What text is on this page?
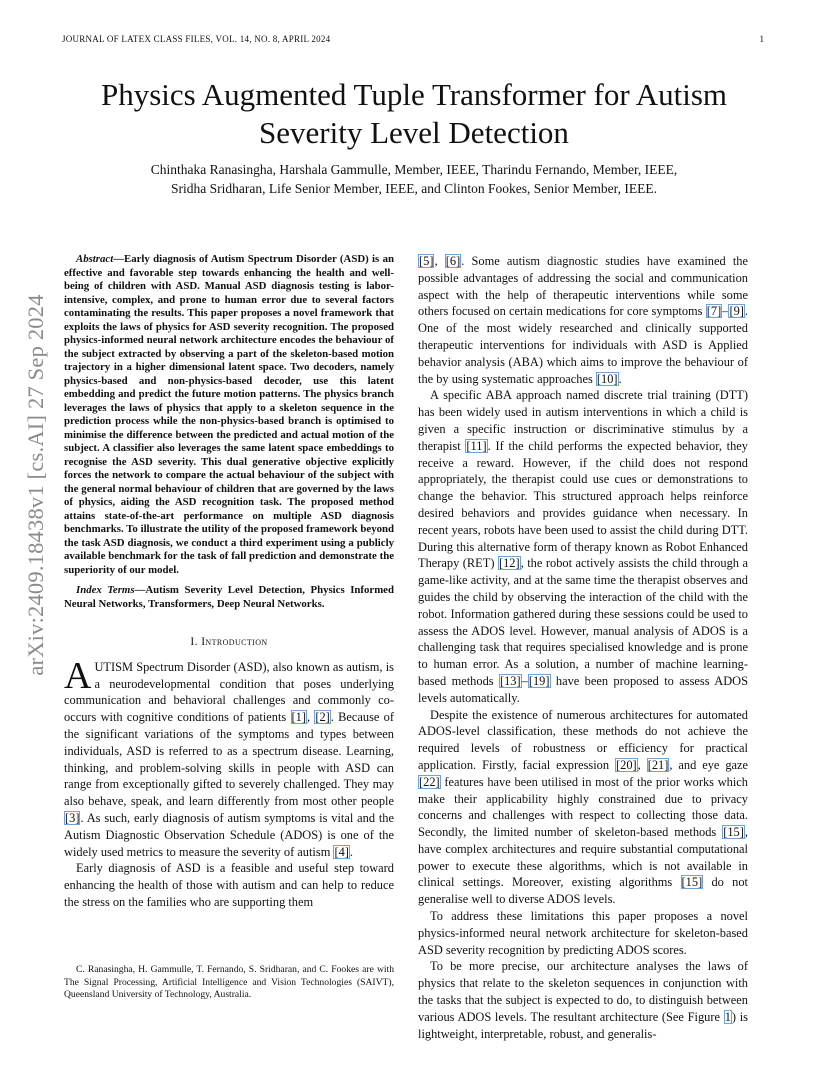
JOURNAL OF LATEX CLASS FILES, VOL. 14, NO. 8, APRIL 2024	1
arXiv:2409.18438v1 [cs.AI] 27 Sep 2024
Physics Augmented Tuple Transformer for Autism Severity Level Detection
Chinthaka Ranasingha, Harshala Gammulle, Member, IEEE, Tharindu Fernando, Member, IEEE,
Sridha Sridharan, Life Senior Member, IEEE, and Clinton Fookes, Senior Member, IEEE.

Abstract—Early diagnosis of Autism Spectrum Disorder (ASD) is an effective and favorable step towards enhancing the health and well-being of children with ASD. Manual ASD diagnosis testing is labor-intensive, complex, and prone to human error due to several factors contaminating the results. This paper proposes a novel framework that exploits the laws of physics for ASD severity recognition. The proposed physics-informed neural network architecture encodes the behaviour of the subject extracted by observing a part of the skeleton-based motion trajectory in a higher dimensional latent space. Two decoders, namely physics-based and non-physics-based decoder, use this latent embedding and predict the future motion patterns. The physics branch leverages the laws of physics that apply to a skeleton sequence in the prediction process while the non-physics-based branch is optimised to minimise the difference between the predicted and actual motion of the subject. A classifier also leverages the same latent space embeddings to recognise the ASD severity. This dual generative objective explicitly forces the network to compare the actual behaviour of the subject with the general normal behaviour of children that are governed by the laws of physics, aiding the ASD recognition task. The proposed method attains state-of-the-art performance on multiple ASD diagnosis benchmarks. To illustrate the utility of the proposed framework beyond the task ASD diagnosis, we conduct a third experiment using a publicly available benchmark for the task of fall prediction and demonstrate the superiority of our model.

Index Terms—Autism Severity Level Detection, Physics Informed Neural Networks, Transformers, Deep Neural Networks.

I. Introduction

AUTISM Spectrum Disorder (ASD), also known as autism, is a neurodevelopmental condition that poses underlying communication and behavioral challenges and commonly co-occurs with cognitive conditions of patients [1], [2]. Because of the significant variations of the symptoms and types between individuals, ASD is referred to as a spectrum disease. Learning, thinking, and problem-solving skills in people with ASD can range from exceptionally gifted to severely challenged. They may also behave, speak, and learn differently from most other people [3]. As such, early diagnosis of autism symptoms is vital and the Autism Diagnostic Observation Schedule (ADOS) is one of the widely used metrics to measure the severity of autism [4].

Early diagnosis of ASD is a feasible and useful step toward enhancing the health of those with autism and can help to reduce the stress on the families who are supporting them

C. Ranasingha, H. Gammulle, T. Fernando, S. Sridharan, and C. Fookes are with The Signal Processing, Artificial Intelligence and Vision Technologies (SAIVT), Queensland University of Technology, Australia.

[5], [6]. Some autism diagnostic studies have examined the possible advantages of addressing the social and communication aspect with the help of therapeutic interventions while some others focused on certain medications for core symptoms [7]–[9]. One of the most widely researched and clinically supported therapeutic interventions for individuals with ASD is Applied behavior analysis (ABA) which aims to improve the behaviour of the by using systematic approaches [10].

A specific ABA approach named discrete trial training (DTT) has been widely used in autism interventions in which a child is given a specific instruction or discriminative stimulus by a therapist [11]. If the child performs the expected behavior, they receive a reward. However, if the child does not respond appropriately, the therapist could use cues or demonstrations to change the behavior. This structured approach helps reinforce desired behaviors and provides guidance when necessary. In recent years, robots have been used to assist the child during DTT. During this alternative form of therapy known as Robot Enhanced Therapy (RET) [12], the robot actively assists the child through a game-like activity, and at the same time the therapist observes and guides the child by observing the interaction of the child with the robot. Information gathered during these sessions could be used to assess the ADOS level. However, manual analysis of ADOS is a challenging task that requires specialised knowledge and is prone to human error. As a solution, a number of machine learning-based methods [13]–[19] have been proposed to assess ADOS levels automatically.

Despite the existence of numerous architectures for automated ADOS-level classification, these methods do not achieve the required levels of robustness or efficiency for practical application. Firstly, facial expression [20], [21], and eye gaze [22] features have been utilised in most of the prior works which make their applicability highly constrained due to privacy concerns and challenges with respect to collecting those data. Secondly, the limited number of skeleton-based methods [15], have complex architectures and require substantial computational power to execute these algorithms, which is not available in clinical settings. Moreover, existing algorithms [15] do not generalise well to diverse ADOS levels.

To address these limitations this paper proposes a novel physics-informed neural network architecture for skeleton-based ASD severity recognition by predicting ADOS scores.

To be more precise, our architecture analyses the laws of physics that relate to the skeleton sequences in conjunction with the tasks that the subject is expected to do, to distinguish between various ADOS levels. The resultant architecture (See Figure 1) is lightweight, interpretable, robust, and generalis-
